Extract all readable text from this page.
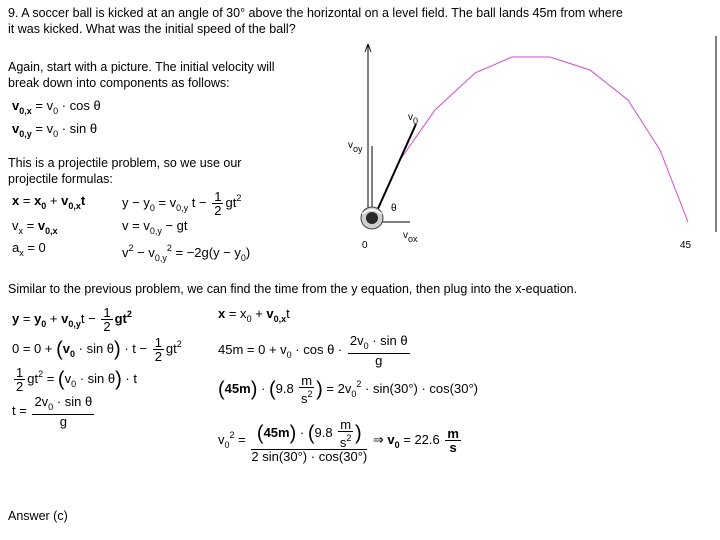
9. A soccer ball is kicked at an angle of 30° above the horizontal on a level field. The ball lands 45m from where
it was kicked. What was the initial speed of the ball?
Again, start with a picture. The initial velocity will
break down into components as follows:
$v_{0,x} = v_0 \cdot \cos \theta$
$v_{0,y} = v_0 \cdot \sin \theta$
This is a projectile problem, so we use our
projectile formulas:
$x = x_0 + v_{0,x}t$
$v_x = v_{0,x}$
$a_x = 0$
$y - y_0 = v_{0,y}$ $t - \frac{1}{2} gt^2$
$v = v_{0,y}$ − gt
$v^2 - v_{0,y}^2 = -2g(y - y_0)$
v0
voy
vox
θ
0	45
Similar to the previous problem, we can find the time from the y equation, then plug into the x-equation.
$y = y_0 + v_{0,y}t - \frac{1}{2} gt^2$
$0 = 0 + (v_0 \cdot \sin \theta) \cdot t - \frac{1}{2} gt^2$
$\frac{1}{2} gt^2 = (v_0 \cdot \sin \theta) \cdot t$
$t = \frac{2v_0 \cdot \sin \theta}{g}$
$x = x_0 + v_{0,x}t$
$45m = 0 + v_0 \cdot \cos \theta \cdot \frac{2v_0 \cdot \sin \theta}{g}$
$(45m) \cdot (9.8 \frac{m}{s^2}$ ) = $2v_0^2 \cdot \sin(30^\circ) \cdot \cos(30^\circ)$
$v_0^2 = \frac{(45m) \cdot (9.8 \frac{m}{s^2} )}{2 \sin(30^\circ) \cdot \cos(30^\circ)}$ ⇒ $v_0 = 22.6 \frac{m}{s}$
Answer (c)
